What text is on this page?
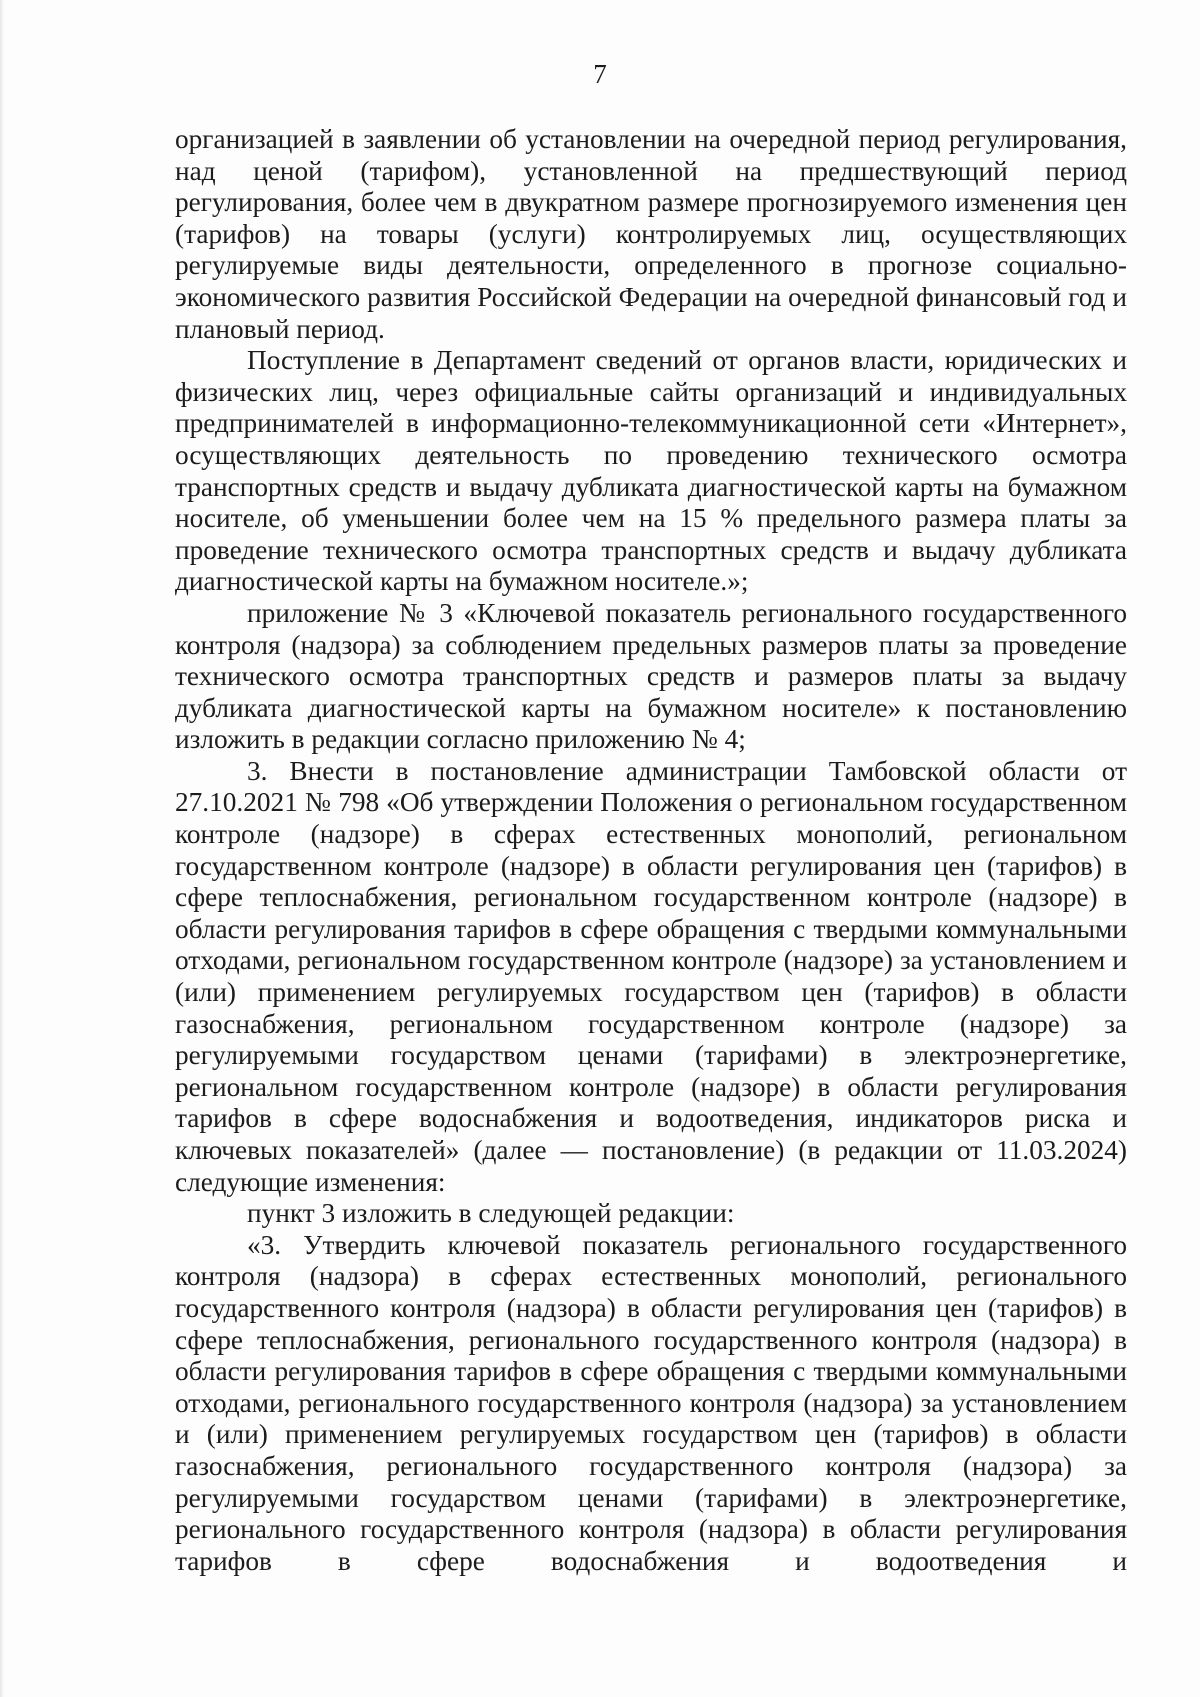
7

организацией в заявлении об установлении на очередной период регулирования, над ценой (тарифом), установленной на предшествующий период регулирования, более чем в двукратном размере прогнозируемого изменения цен (тарифов) на товары (услуги) контролируемых лиц, осуществляющих регулируемые виды деятельности, определенного в прогнозе социально-экономического развития Российской Федерации на очередной финансовый год и плановый период.

Поступление в Департамент сведений от органов власти, юридических и физических лиц, через официальные сайты организаций и индивидуальных предпринимателей в информационно-телекоммуникационной сети «Интернет», осуществляющих деятельность по проведению технического осмотра транспортных средств и выдачу дубликата диагностической карты на бумажном носителе, об уменьшении более чем на 15 % предельного размера платы за проведение технического осмотра транспортных средств и выдачу дубликата диагностической карты на бумажном носителе.»;

приложение № 3 «Ключевой показатель регионального государственного контроля (надзора) за соблюдением предельных размеров платы за проведение технического осмотра транспортных средств и размеров платы за выдачу дубликата диагностической карты на бумажном носителе» к постановлению изложить в редакции согласно приложению № 4;

3. Внести в постановление администрации Тамбовской области от 27.10.2021 № 798 «Об утверждении Положения о региональном государственном контроле (надзоре) в сферах естественных монополий, региональном государственном контроле (надзоре) в области регулирования цен (тарифов) в сфере теплоснабжения, региональном государственном контроле (надзоре) в области регулирования тарифов в сфере обращения с твердыми коммунальными отходами, региональном государственном контроле (надзоре) за установлением и (или) применением регулируемых государством цен (тарифов) в области газоснабжения, региональном государственном контроле (надзоре) за регулируемыми государством ценами (тарифами) в электроэнергетике, региональном государственном контроле (надзоре) в области регулирования тарифов в сфере водоснабжения и водоотведения, индикаторов риска и ключевых показателей» (далее — постановление) (в редакции от 11.03.2024) следующие изменения:

пункт 3 изложить в следующей редакции:

«3. Утвердить ключевой показатель регионального государственного контроля (надзора) в сферах естественных монополий, регионального государственного контроля (надзора) в области регулирования цен (тарифов) в сфере теплоснабжения, регионального государственного контроля (надзора) в области регулирования тарифов в сфере обращения с твердыми коммунальными отходами, регионального государственного контроля (надзора) за установлением и (или) применением регулируемых государством цен (тарифов) в области газоснабжения, регионального государственного контроля (надзора) за регулируемыми государством ценами (тарифами) в электроэнергетике, регионального государственного контроля (надзора) в области регулирования тарифов в сфере водоснабжения и водоотведения и
